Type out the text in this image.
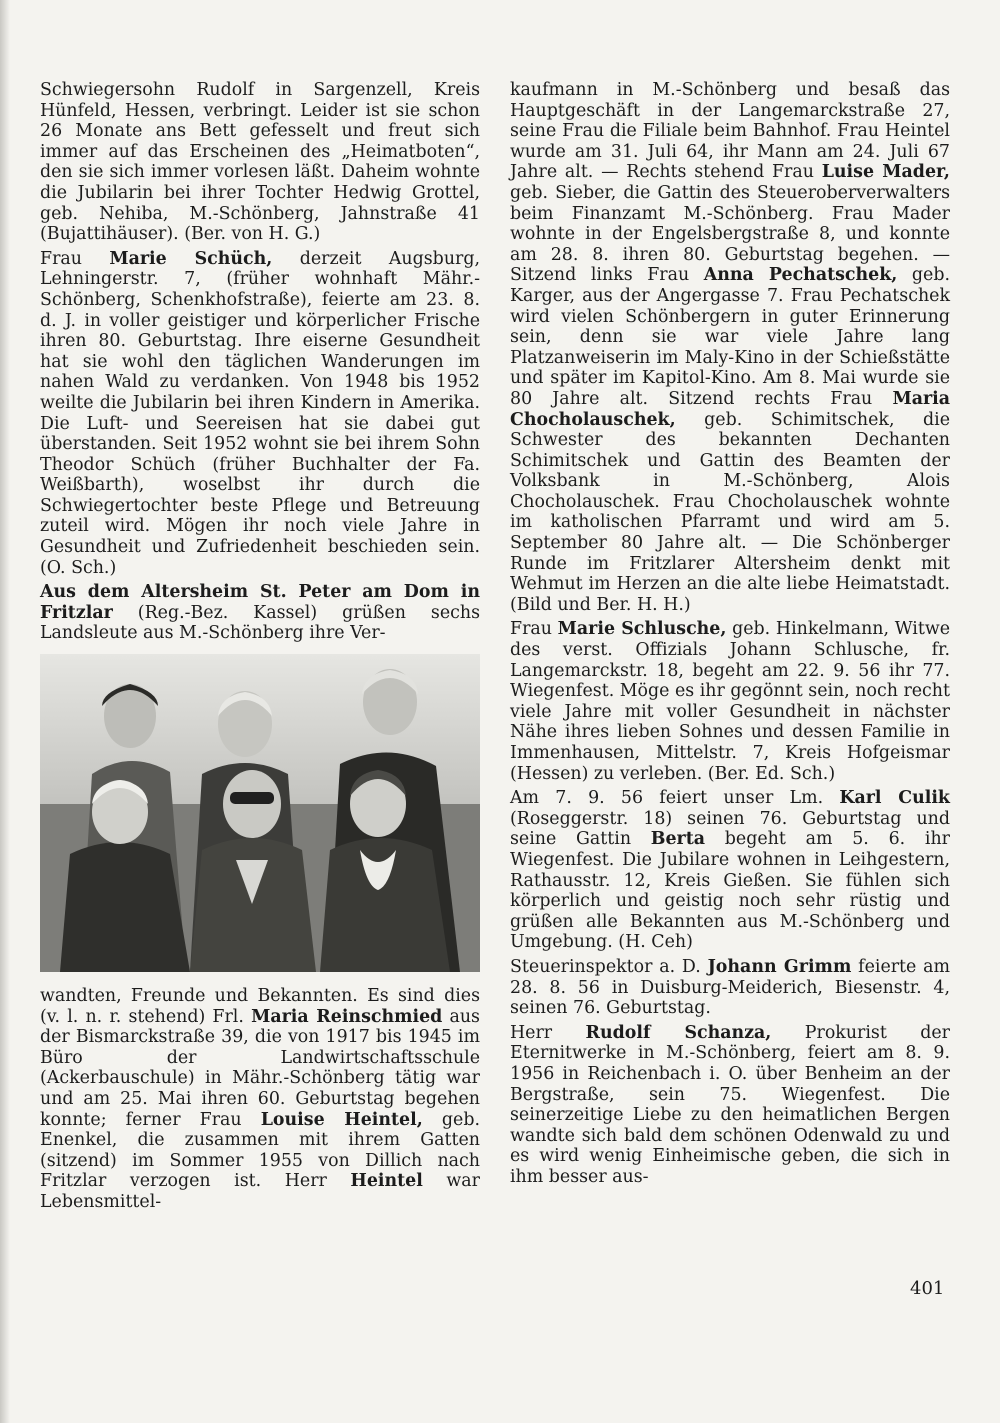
Schwiegersohn Rudolf in Sargenzell, Kreis Hünfeld, Hessen, verbringt. Leider ist sie schon 26 Monate ans Bett gefesselt und freut sich immer auf das Erscheinen des „Heimatboten“, den sie sich immer vorlesen läßt. Daheim wohnte die Jubilarin bei ihrer Tochter Hedwig Grottel, geb. Nehiba, M.-Schönberg, Jahnstraße 41 (Bujattihäuser). (Ber. von H. G.)

Frau Marie Schüch, derzeit Augsburg, Lehningerstr. 7, (früher wohnhaft Mähr.-Schönberg, Schenkhofstraße), feierte am 23. 8. d. J. in voller geistiger und körperlicher Frische ihren 80. Geburtstag. Ihre eiserne Gesundheit hat sie wohl den täglichen Wanderungen im nahen Wald zu verdanken. Von 1948 bis 1952 weilte die Jubilarin bei ihren Kindern in Amerika. Die Luft- und Seereisen hat sie dabei gut überstanden. Seit 1952 wohnt sie bei ihrem Sohn Theodor Schüch (früher Buchhalter der Fa. Weißbarth), woselbst ihr durch die Schwiegertochter beste Pflege und Betreuung zuteil wird. Mögen ihr noch viele Jahre in Gesundheit und Zufriedenheit beschieden sein. (O. Sch.)

Aus dem Altersheim St. Peter am Dom in Fritzlar (Reg.-Bez. Kassel) grüßen sechs Landsleute aus M.-Schönberg ihre Ver-

wandten, Freunde und Bekannten. Es sind dies (v. l. n. r. stehend) Frl. Maria Reinschmied aus der Bismarckstraße 39, die von 1917 bis 1945 im Büro der Landwirtschaftsschule (Ackerbauschule) in Mähr.-Schönberg tätig war und am 25. Mai ihren 60. Geburtstag begehen konnte; ferner Frau Louise Heintel, geb. Enenkel, die zusammen mit ihrem Gatten (sitzend) im Sommer 1955 von Dillich nach Fritzlar verzogen ist. Herr Heintel war Lebensmittel-

kaufmann in M.-Schönberg und besaß das Hauptgeschäft in der Langemarckstraße 27, seine Frau die Filiale beim Bahnhof. Frau Heintel wurde am 31. Juli 64, ihr Mann am 24. Juli 67 Jahre alt. — Rechts stehend Frau Luise Mader, geb. Sieber, die Gattin des Steueroberverwalters beim Finanzamt M.-Schönberg. Frau Mader wohnte in der Engelsbergstraße 8, und konnte am 28. 8. ihren 80. Geburtstag begehen. — Sitzend links Frau Anna Pechatschek, geb. Karger, aus der Angergasse 7. Frau Pechatschek wird vielen Schönbergern in guter Erinnerung sein, denn sie war viele Jahre lang Platzanweiserin im Maly-Kino in der Schießstätte und später im Kapitol-Kino. Am 8. Mai wurde sie 80 Jahre alt. Sitzend rechts Frau Maria Chocholauschek, geb. Schimitschek, die Schwester des bekannten Dechanten Schimitschek und Gattin des Beamten der Volksbank in M.-Schönberg, Alois Chocholauschek. Frau Chocholauschek wohnte im katholischen Pfarramt und wird am 5. September 80 Jahre alt. — Die Schönberger Runde im Fritzlarer Altersheim denkt mit Wehmut im Herzen an die alte liebe Heimatstadt. (Bild und Ber. H. H.)

Frau Marie Schlusche, geb. Hinkelmann, Witwe des verst. Offizials Johann Schlusche, fr. Langemarckstr. 18, begeht am 22. 9. 56 ihr 77. Wiegenfest. Möge es ihr gegönnt sein, noch recht viele Jahre mit voller Gesundheit in nächster Nähe ihres lieben Sohnes und dessen Familie in Immenhausen, Mittelstr. 7, Kreis Hofgeismar (Hessen) zu verleben. (Ber. Ed. Sch.)

Am 7. 9. 56 feiert unser Lm. Karl Culik (Roseggerstr. 18) seinen 76. Geburtstag und seine Gattin Berta begeht am 5. 6. ihr Wiegenfest. Die Jubilare wohnen in Leihgestern, Rathausstr. 12, Kreis Gießen. Sie fühlen sich körperlich und geistig noch sehr rüstig und grüßen alle Bekannten aus M.-Schönberg und Umgebung. (H. Ceh)

Steuerinspektor a. D. Johann Grimm feierte am 28. 8. 56 in Duisburg-Meiderich, Biesenstr. 4, seinen 76. Geburtstag.

Herr Rudolf Schanza, Prokurist der Eternitwerke in M.-Schönberg, feiert am 8. 9. 1956 in Reichenbach i. O. über Benheim an der Bergstraße, sein 75. Wiegenfest. Die seinerzeitige Liebe zu den heimatlichen Bergen wandte sich bald dem schönen Odenwald zu und es wird wenig Einheimische geben, die sich in ihm besser aus-

401
